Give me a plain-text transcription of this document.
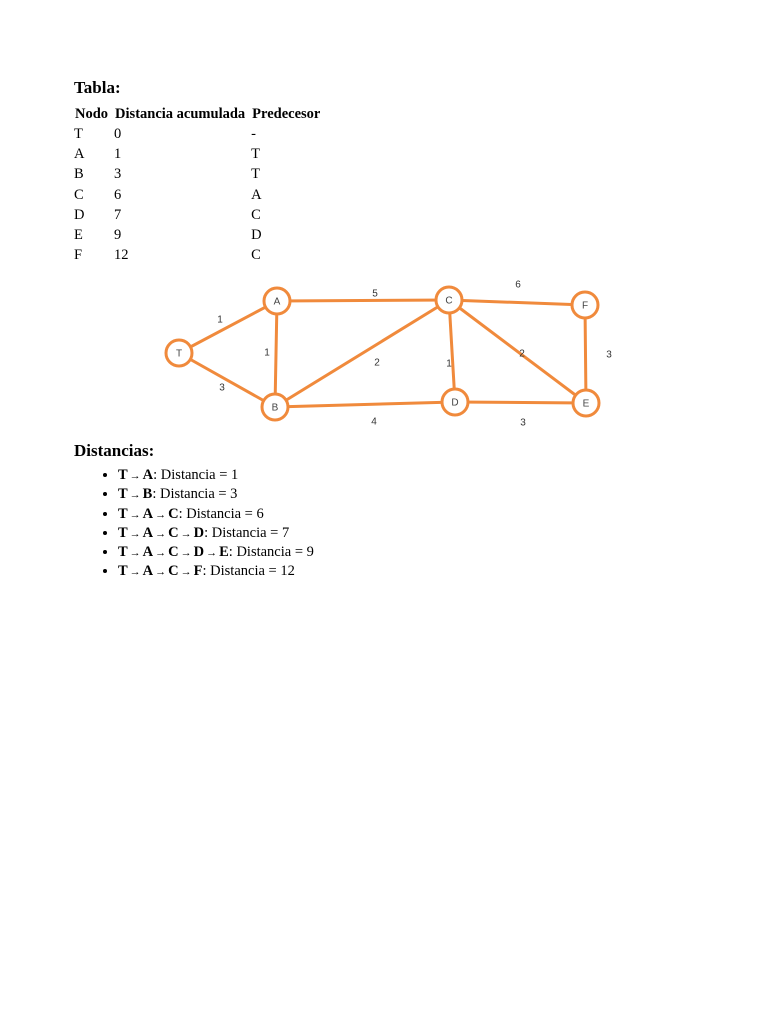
Tabla:
Nodo	Distancia acumulada	Predecesor
T	0	-
A	1	T
B	3	T
C	6	A
D	7	C
E	9	D
F	12	C
1
3
1
5
2
4
1
6
2
3
3
T
A
B
C
D	E
F
Distancias:
• T → A: Distancia = 1
• T → B: Distancia = 3
• T → A → C: Distancia = 6
• T → A → C → D: Distancia = 7
• T → A → C → D → E: Distancia = 9
• T → A → C → F: Distancia = 12
